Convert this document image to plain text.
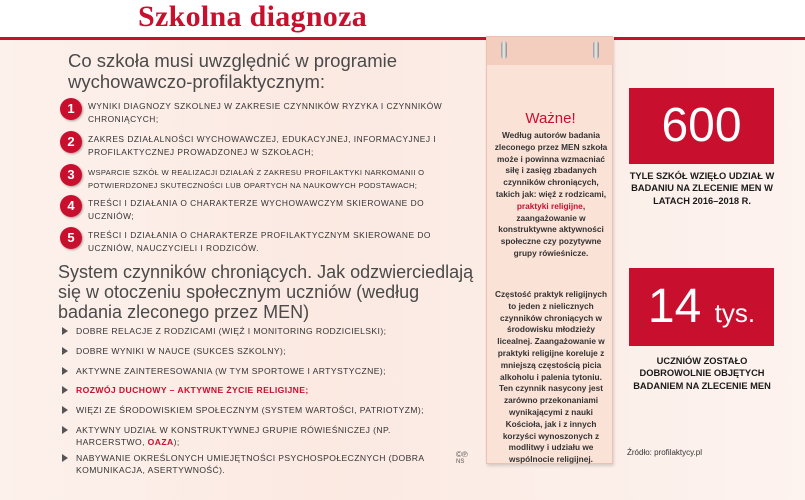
Szkolna diagnoza
Co szkoła musi uwzględnić w programie wychowawczo-profilaktycznym:
1	WYNIKI DIAGNOZY SZKOLNEJ W ZAKRESIE CZYNNIKÓW RYZYKA I CZYNNIKÓW CHRONIĄCYCH;
2	ZAKRES DZIAŁALNOŚCI WYCHOWAWCZEJ, EDUKACYJNEJ, INFORMACYJNEJ I PROFILAKTYCZNEJ PROWADZONEJ W SZKOŁACH;
3	WSPARCIE SZKÓŁ W REALIZACJI DZIAŁAŃ Z ZAKRESU PROFILAKTYKI NARKOMANII O POTWIERDZONEJ SKUTECZNOŚCI LUB OPARTYCH NA NAUKOWYCH PODSTAWACH;
4	TREŚCI I DZIAŁANIA O CHARAKTERZE WYCHOWAWCZYM SKIEROWANE DO UCZNIÓW;
5	TREŚCI I DZIAŁANIA O CHARAKTERZE PROFILAKTYCZNYM SKIEROWANE DO UCZNIÓW, NAUCZYCIELI I RODZICÓW.
System czynników chroniących. Jak odzwierciedlają się w otoczeniu społecznym uczniów (według badania zleconego przez MEN)
DOBRE RELACJE Z RODZICAMI (WIĘŹ I MONITORING RODZICIELSKI);
DOBRE WYNIKI W NAUCE (SUKCES SZKOLNY);
AKTYWNE ZAINTERESOWANIA (W TYM SPORTOWE I ARTYSTYCZNE);
ROZWÓJ DUCHOWY – AKTYWNE ŻYCIE RELIGIJNE;
WIĘZI ZE ŚRODOWISKIEM SPOŁECZNYM (SYSTEM WARTOŚCI, PATRIOTYZM);
AKTYWNY UDZIAŁ W KONSTRUKTYWNEJ GRUPIE RÓWIEŚNICZEJ (NP. HARCERSTWO, OAZA);
NABYWANIE OKREŚLONYCH UMIEJĘTNOŚCI PSYCHOSPOŁECZNYCH (DOBRA KOMUNIKACJA, ASERTYWNOŚĆ).
©℗
NS
Ważne!
Według autorów badania zleconego przez MEN szkoła może i powinna wzmacniać siłę i zasięg zbadanych czynników chroniących, takich jak: więź z rodzicami, praktyki religijne, zaangażowanie w konstruktywne aktywności społeczne czy pozytywne grupy rówieśnicze.
Częstość praktyk religijnych to jeden z nielicznych czynników chroniących w środowisku młodzieży licealnej. Zaangażowanie w praktyki religijne koreluje z mniejszą częstością picia alkoholu i palenia tytoniu. Ten czynnik nasycony jest zarówno przekonaniami wynikającymi z nauki Kościoła, jak i z innych korzyści wynoszonych z modlitwy i udziału we wspólnocie religijnej.
600
TYLE SZKÓŁ WZIĘŁO UDZIAŁ W BADANIU NA ZLECENIE MEN W LATACH 2016–2018 R.
14 tys.
UCZNIÓW ZOSTAŁO DOBROWOLNIE OBJĘTYCH BADANIEM NA ZLECENIE MEN
Źródło: profilaktycy.pl
